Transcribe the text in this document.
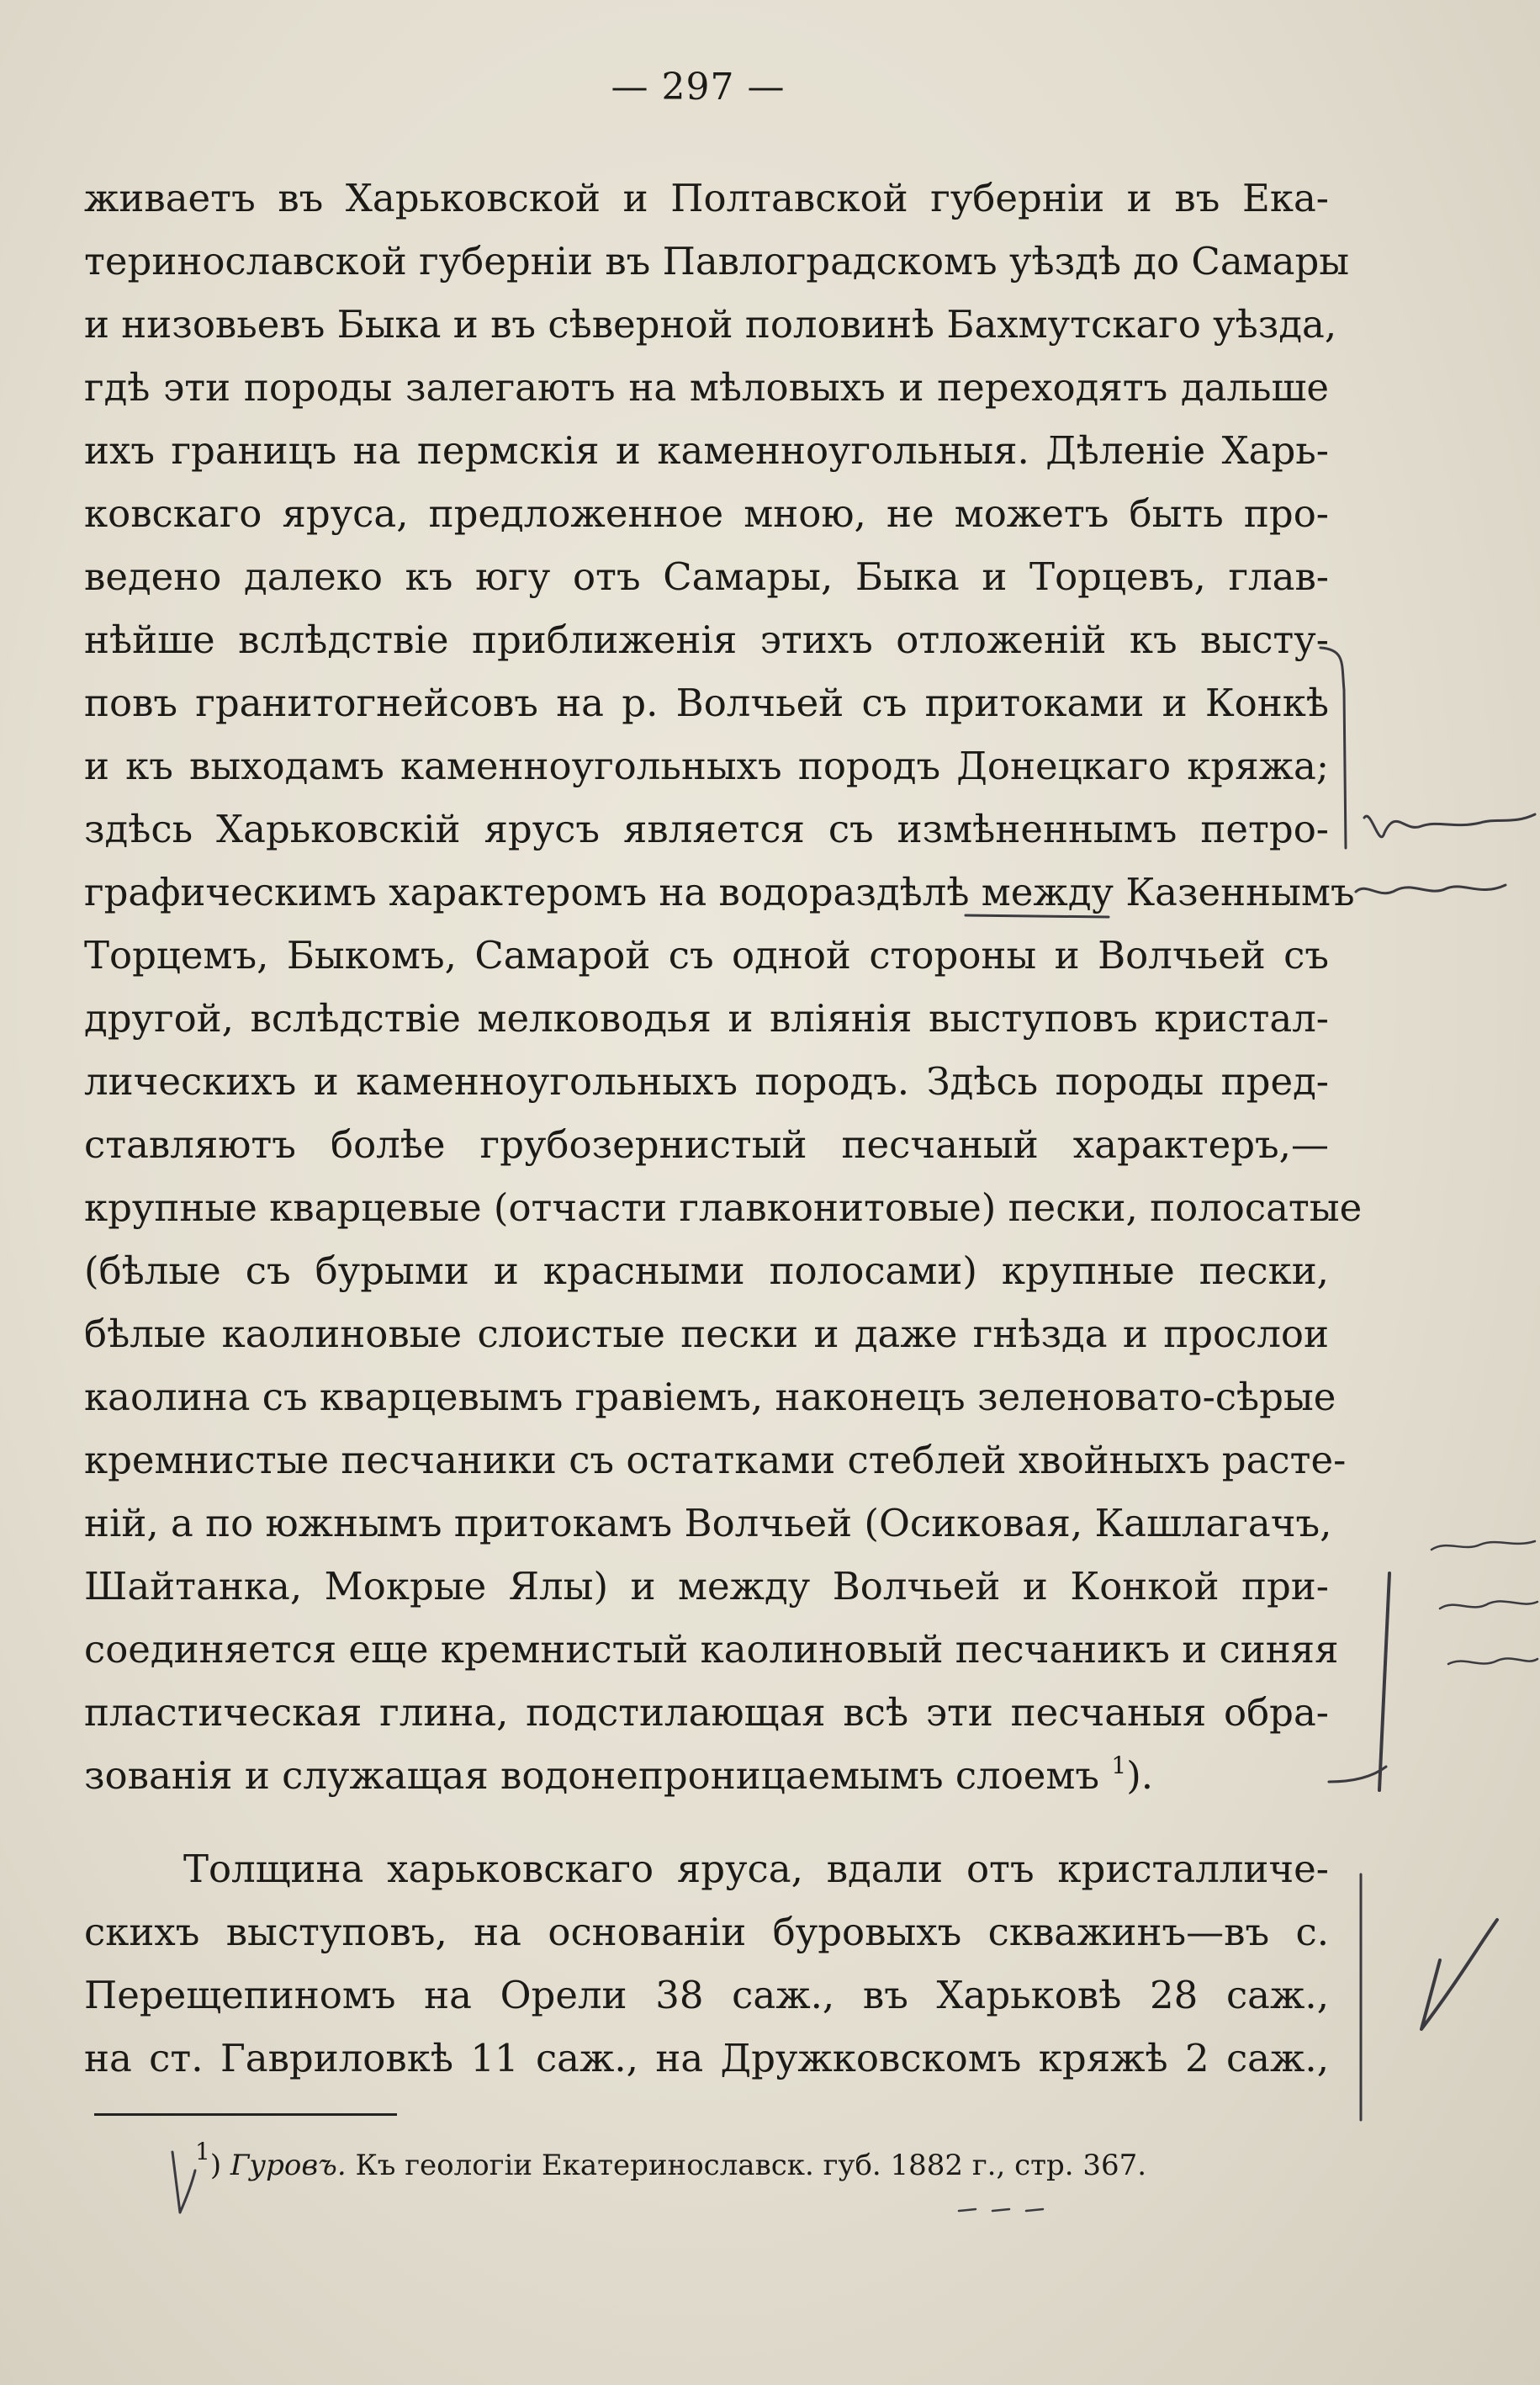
— 297 —
живаетъ въ Харьковской и Полтавской губерніи и въ Ека-
теринославской губерніи въ Павлоградскомъ уѣздѣ до Самары
и низовьевъ Быка и въ сѣверной половинѣ Бахмутскаго уѣзда,
гдѣ эти породы залегаютъ на мѣловыхъ и переходятъ дальше
ихъ границъ на пермскія и каменноугольныя. Дѣленіе Харь-
ковскаго яруса, предложенное мною, не можетъ быть про-
ведено далеко къ югу отъ Самары, Быка и Торцевъ, глав-
нѣйше вслѣдствіе приближенія этихъ отложеній къ высту-
повъ гранитогнейсовъ на р. Волчьей съ притоками и Конкѣ
и къ выходамъ каменноугольныхъ породъ Донецкаго кряжа;
здѣсь Харьковскій ярусъ является съ измѣненнымъ петро-
графическимъ характеромъ на водораздѣлѣ между Казеннымъ
Торцемъ, Быкомъ, Самарой съ одной стороны и Волчьей съ
другой, вслѣдствіе мелководья и вліянія выступовъ кристал-
лическихъ и каменноугольныхъ породъ. Здѣсь породы пред-
ставляютъ болѣе грубозернистый песчаный характеръ,—
крупные кварцевые (отчасти главконитовые) пески, полосатые
(бѣлые съ бурыми и красными полосами) крупные пески,
бѣлые каолиновые слоистые пески и даже гнѣзда и прослои
каолина съ кварцевымъ гравіемъ, наконецъ зеленовато-сѣрые
кремнистые песчаники съ остатками стеблей хвойныхъ расте-
ній, а по южнымъ притокамъ Волчьей (Осиковая, Кашлагачъ,
Шайтанка, Мокрые Ялы) и между Волчьей и Конкой при-
соединяется еще кремнистый каолиновый песчаникъ и синяя
пластическая глина, подстилающая всѣ эти песчаныя обра-
зованія и служащая водонепроницаемымъ слоемъ $^1$).
Толщина харьковскаго яруса, вдали отъ кристалличе-
скихъ выступовъ, на основаніи буровыхъ скважинъ—въ с.
Перещепиномъ на Орели 38 саж., въ Харьковѣ 28 саж.,
на ст. Гавриловкѣ 11 саж., на Дружковскомъ кряжѣ 2 саж.,
$^1$) Гуровъ. Къ геологіи Екатеринославск. губ. 1882 г., стр. 367.
